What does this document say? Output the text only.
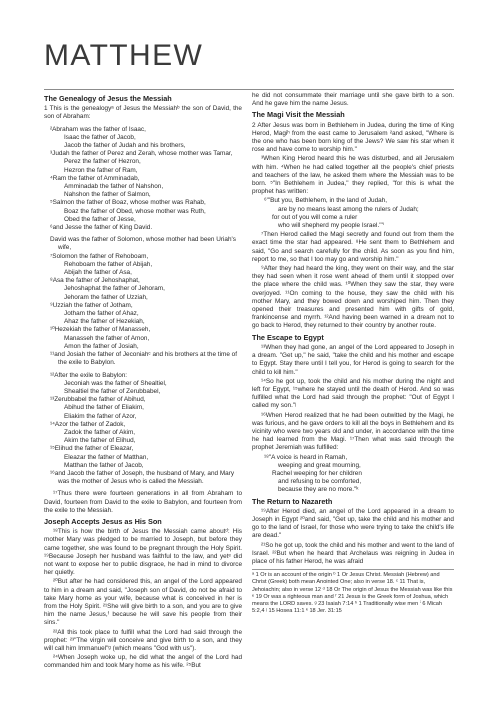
MATTHEW
The Genealogy of Jesus the Messiah

1 This is the genealogyᵃ of Jesus the Messiahᵇ the son of David, the son of Abraham:

²Abraham was the father of Isaac,
Isaac the father of Jacob,
Jacob the father of Judah and his brothers,
³Judah the father of Perez and Zerah, whose mother was Tamar,
Perez the father of Hezron,
Hezron the father of Ram,
⁴Ram the father of Amminadab,
Amminadab the father of Nahshon,
Nahshon the father of Salmon,
⁵Salmon the father of Boaz, whose mother was Rahab,
Boaz the father of Obed, whose mother was Ruth,
Obed the father of Jesse,
⁶and Jesse the father of King David.
David was the father of Solomon, whose mother had been Uriah's wife,
⁷Solomon the father of Rehoboam,
Rehoboam the father of Abijah,
Abijah the father of Asa,
⁸Asa the father of Jehoshaphat,
Jehoshaphat the father of Jehoram,
Jehoram the father of Uzziah,
⁹Uzziah the father of Jotham,
Jotham the father of Ahaz,
Ahaz the father of Hezekiah,
¹⁰Hezekiah the father of Manasseh,
Manasseh the father of Amon,
Amon the father of Josiah,
¹¹and Josiah the father of Jeconiahᶜ and his brothers at the time of the exile to Babylon.
¹²After the exile to Babylon:
Jeconiah was the father of Shealtiel,
Shealtiel the father of Zerubbabel,
¹³Zerubbabel the father of Abihud,
Abihud the father of Eliakim,
Eliakim the father of Azor,
¹⁴Azor the father of Zadok,
Zadok the father of Akim,
Akim the father of Elihud,
¹⁵Elihud the father of Eleazar,
Eleazar the father of Matthan,
Matthan the father of Jacob,
¹⁶and Jacob the father of Joseph, the husband of Mary, and Mary was the mother of Jesus who is called the Messiah.

¹⁷Thus there were fourteen generations in all from Abraham to David, fourteen from David to the exile to Babylon, and fourteen from the exile to the Messiah.

Joseph Accepts Jesus as His Son

¹⁸This is how the birth of Jesus the Messiah came aboutᵈ: His mother Mary was pledged to be married to Joseph, but before they came together, she was found to be pregnant through the Holy Spirit. ¹⁹Because Joseph her husband was faithful to the law, and yetᵉ did not want to expose her to public disgrace, he had in mind to divorce her quietly.

²⁰But after he had considered this, an angel of the Lord appeared to him in a dream and said, "Joseph son of David, do not be afraid to take Mary home as your wife, because what is conceived in her is from the Holy Spirit. ²¹She will give birth to a son, and you are to give him the name Jesus,ᶠ because he will save his people from their sins."

²²All this took place to fulfill what the Lord had said through the prophet: ²³"The virgin will conceive and give birth to a son, and they will call him Immanuel"ᵍ (which means "God with us").

²⁴When Joseph woke up, he did what the angel of the Lord had commanded him and took Mary home as his wife. ²⁵But

he did not consummate their marriage until she gave birth to a son. And he gave him the name Jesus.

The Magi Visit the Messiah

2 After Jesus was born in Bethlehem in Judea, during the time of King Herod, Magiʰ from the east came to Jerusalem ²and asked, "Where is the one who has been born king of the Jews? We saw his star when it rose and have come to worship him."

³When King Herod heard this he was disturbed, and all Jerusalem with him. ⁴When he had called together all the people's chief priests and teachers of the law, he asked them where the Messiah was to be born. ⁵"In Bethlehem in Judea," they replied, "for this is what the prophet has written:

⁶"'But you, Bethlehem, in the land of Judah,
are by no means least among the rulers of Judah;
for out of you will come a ruler
who will shepherd my people Israel.'"ⁱ

⁷Then Herod called the Magi secretly and found out from them the exact time the star had appeared. ⁸He sent them to Bethlehem and said, "Go and search carefully for the child. As soon as you find him, report to me, so that I too may go and worship him."

⁹After they had heard the king, they went on their way, and the star they had seen when it rose went ahead of them until it stopped over the place where the child was. ¹⁰When they saw the star, they were overjoyed. ¹¹On coming to the house, they saw the child with his mother Mary, and they bowed down and worshiped him. Then they opened their treasures and presented him with gifts of gold, frankincense and myrrh. ¹²And having been warned in a dream not to go back to Herod, they returned to their country by another route.

The Escape to Egypt

¹³When they had gone, an angel of the Lord appeared to Joseph in a dream. "Get up," he said, "take the child and his mother and escape to Egypt. Stay there until I tell you, for Herod is going to search for the child to kill him."

¹⁴So he got up, took the child and his mother during the night and left for Egypt, ¹⁵where he stayed until the death of Herod. And so was fulfilled what the Lord had said through the prophet: "Out of Egypt I called my son."ʲ

¹⁶When Herod realized that he had been outwitted by the Magi, he was furious, and he gave orders to kill all the boys in Bethlehem and its vicinity who were two years old and under, in accordance with the time he had learned from the Magi. ¹⁷Then what was said through the prophet Jeremiah was fulfilled:

¹⁸"A voice is heard in Ramah,
weeping and great mourning,
Rachel weeping for her children
and refusing to be comforted,
because they are no more."ᵏ
The Return to Nazareth

¹⁹After Herod died, an angel of the Lord appeared in a dream to Joseph in Egypt ²⁰and said, "Get up, take the child and his mother and go to the land of Israel, for those who were trying to take the child's life are dead."

²¹So he got up, took the child and his mother and went to the land of Israel. ²²But when he heard that Archelaus was reigning in Judea in place of his father Herod, he was afraid

ᵃ 1 Or is an account of the origin ᵇ 1 Or Jesus Christ. Messiah (Hebrew) and Christ (Greek) both mean Anointed One; also in verse 18. ᶜ 11 That is, Jehoiachin; also in verse 12 ᵈ 18 Or The origin of Jesus the Messiah was like this ᵉ 19 Or was a righteous man and ᶠ 21 Jesus is the Greek form of Joshua, which means the LORD saves. ᵍ 23 Isaiah 7:14 ʰ 1 Traditionally wise men ⁱ 6 Micah 5:2,4 ʲ 15 Hosea 11:1 ᵏ 18 Jer. 31:15
